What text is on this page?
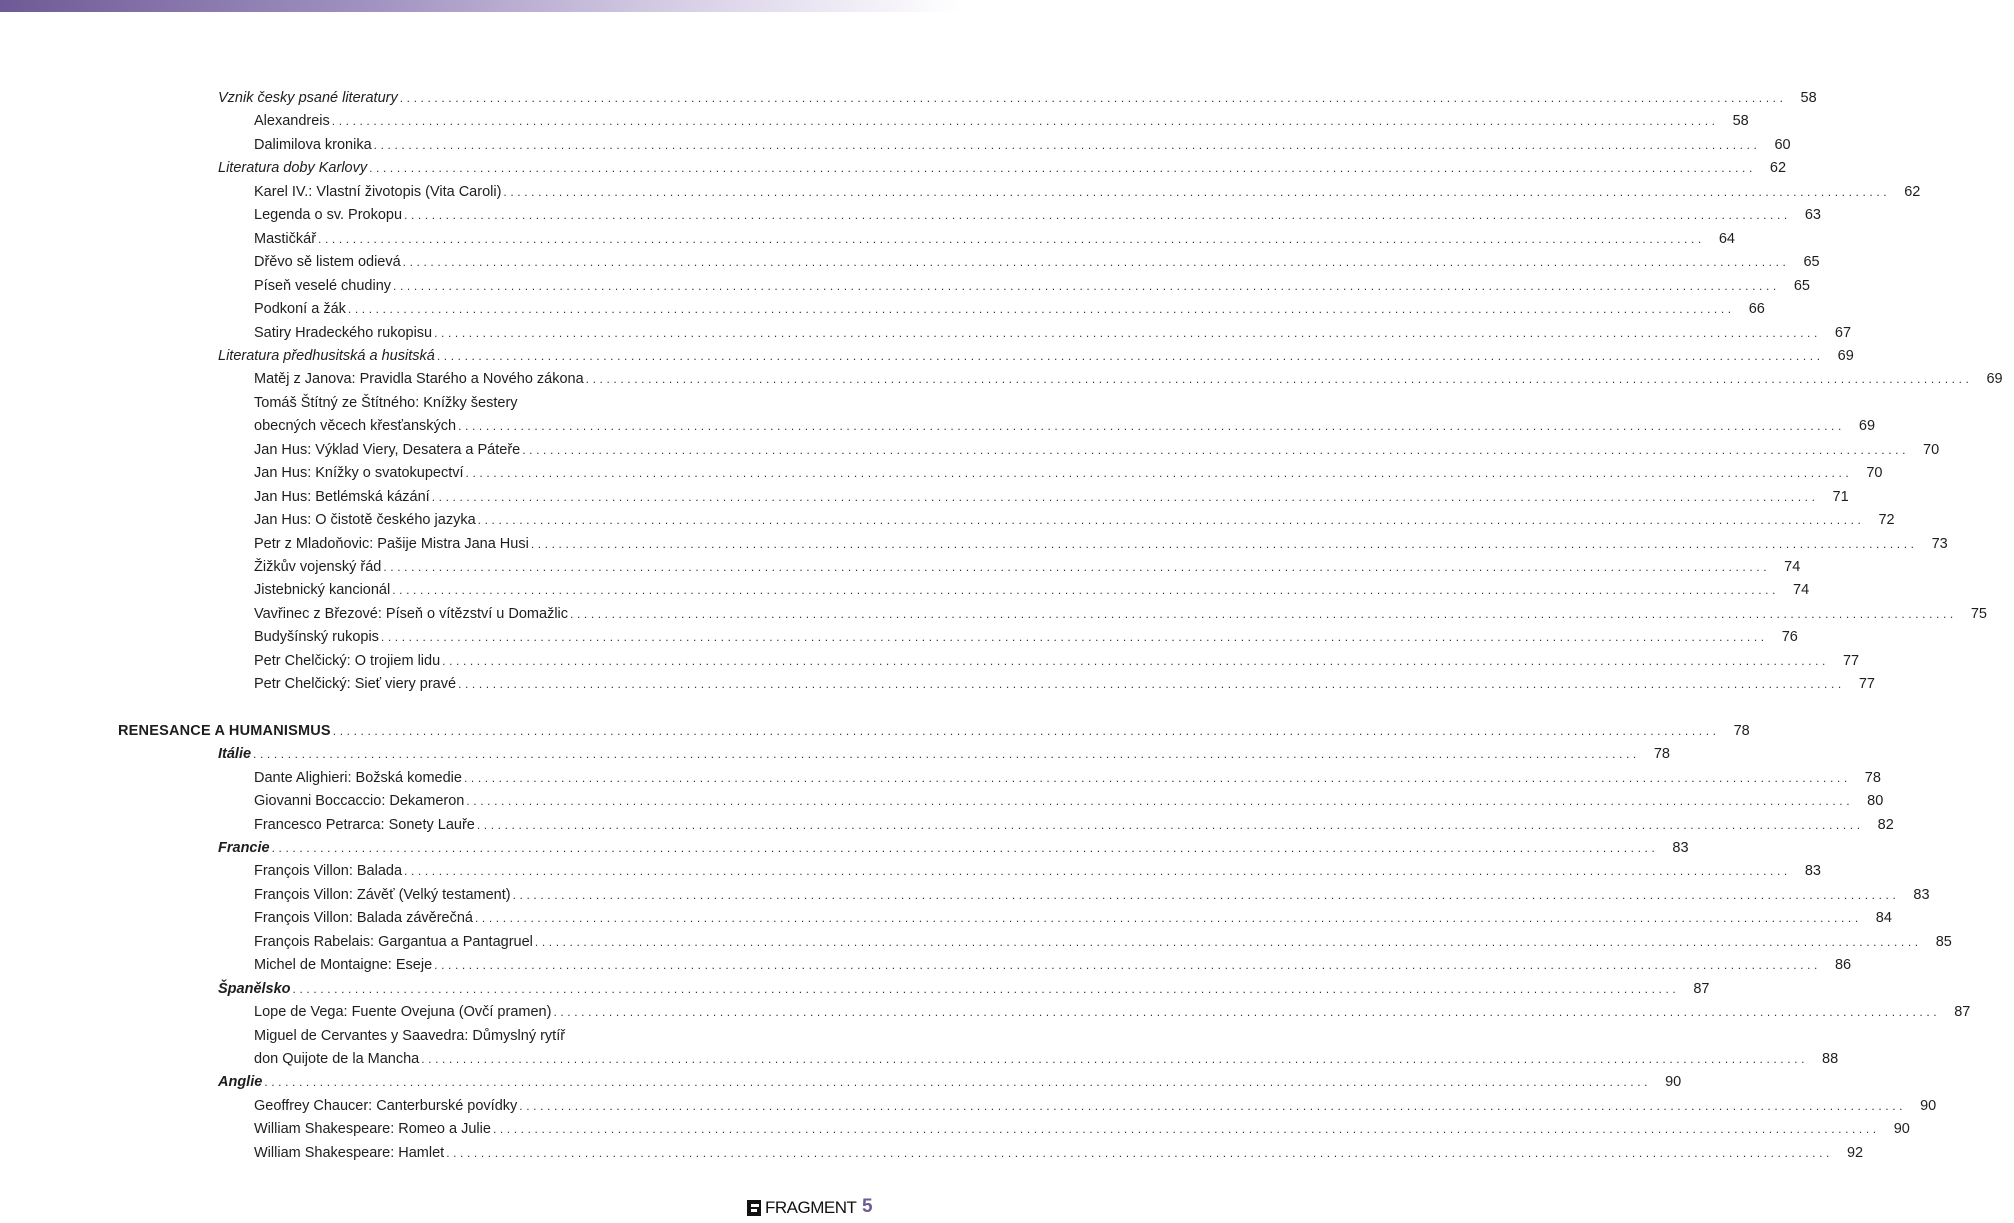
Vznik česky psané literatury ........................................................................................................................................................................................................ 58
Alexandreis ........................................................................................................................................................................................................ 58
Dalimilova kronika ........................................................................................................................................................................................................ 60
Literatura doby Karlovy ........................................................................................................................................................................................................ 62
Karel IV.: Vlastní životopis (Vita Caroli) ........................................................................................................................................................................................................ 62
Legenda o sv. Prokopu ........................................................................................................................................................................................................ 63
Mastičkář ........................................................................................................................................................................................................ 64
Dřěvo sě listem odievá ........................................................................................................................................................................................................ 65
Píseň veselé chudiny ........................................................................................................................................................................................................ 65
Podkoní a žák ........................................................................................................................................................................................................ 66
Satiry Hradeckého rukopisu ........................................................................................................................................................................................................ 67
Literatura předhusitská a husitská ........................................................................................................................................................................................................ 69
Matěj z Janova: Pravidla Starého a Nového zákona ........................................................................................................................................................................................................ 69
Tomáš Štítný ze Štítného: Knížky šestery
obecných věcech křesťanských ........................................................................................................................................................................................................ 69
Jan Hus: Výklad Viery, Desatera a Páteře ........................................................................................................................................................................................................ 70
Jan Hus: Knížky o svatokupectví ........................................................................................................................................................................................................ 70
Jan Hus: Betlémská kázání ........................................................................................................................................................................................................ 71
Jan Hus: O čistotě českého jazyka ........................................................................................................................................................................................................ 72
Petr z Mladoňovic: Pašije Mistra Jana Husi ........................................................................................................................................................................................................ 73
Žižkův vojenský řád ........................................................................................................................................................................................................ 74
Jistebnický kancionál ........................................................................................................................................................................................................ 74
Vavřinec z Březové: Píseň o vítězství u Domažlic ........................................................................................................................................................................................................ 75
Budyšínský rukopis ........................................................................................................................................................................................................ 76
Petr Chelčický: O trojiem lidu ........................................................................................................................................................................................................ 77
Petr Chelčický: Sieť viery pravé ........................................................................................................................................................................................................ 77
RENESANCE A HUMANISMUS ........................................................................................................................................................................................................ 78
Itálie ........................................................................................................................................................................................................ 78
Dante Alighieri: Božská komedie ........................................................................................................................................................................................................ 78
Giovanni Boccaccio: Dekameron ........................................................................................................................................................................................................ 80
Francesco Petrarca: Sonety Lauře ........................................................................................................................................................................................................ 82
Francie ........................................................................................................................................................................................................ 83
François Villon: Balada ........................................................................................................................................................................................................ 83
François Villon: Závěť (Velký testament) ........................................................................................................................................................................................................ 83
François Villon: Balada závěrečná ........................................................................................................................................................................................................ 84
François Rabelais: Gargantua a Pantagruel ........................................................................................................................................................................................................ 85
Michel de Montaigne: Eseje ........................................................................................................................................................................................................ 86
Španělsko ........................................................................................................................................................................................................ 87
Lope de Vega: Fuente Ovejuna (Ovčí pramen) ........................................................................................................................................................................................................ 87
Miguel de Cervantes y Saavedra: Důmyslný rytíř
don Quijote de la Mancha ........................................................................................................................................................................................................ 88
Anglie ........................................................................................................................................................................................................ 90
Geoffrey Chaucer: Canterburské povídky ........................................................................................................................................................................................................ 90
William Shakespeare: Romeo a Julie ........................................................................................................................................................................................................ 90
William Shakespeare: Hamlet ........................................................................................................................................................................................................ 92
FRAGMENT 5
